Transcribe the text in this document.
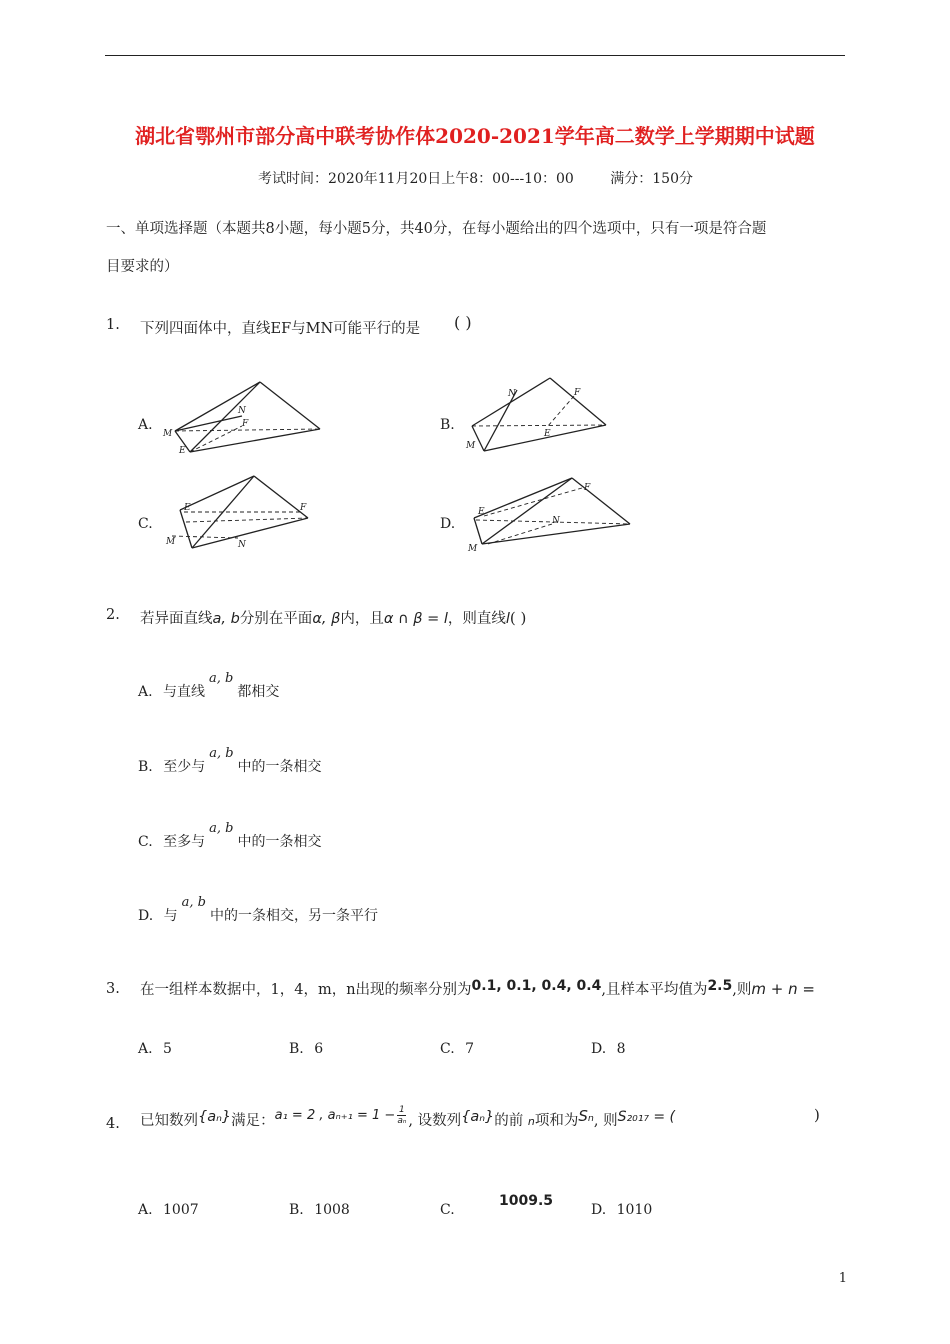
湖北省鄂州市部分高中联考协作体2020-2021学年高二数学上学期期中试题
考试时间：2020年11月20日上午8：00---10：00	满分：150分
一、单项选择题（本题共8小题，每小题5分，共40分，在每小题给出的四个选项中，只有一项是符合题
目要求的）
1. 下列四面体中，直线EF与MN可能平行的是 ( )
A.
M
N
F
E
B.
N	F
E
M
C.
E	F
M	N
D.
E
F
N
M
2. 若异面直线a, b分别在平面α, β内，且α ∩ β = l，则直线l( )
A. 与直线a, b都相交
B. 至少与a, b中的一条相交
C. 至多与a, b中的一条相交
D. 与a, b中的一条相交，另一条平行
3. 在一组样本数据中，1，4，m，n出现的频率分别为0.1, 0.1, 0.4, 0.4,且样本平均值为2.5,则m + n =
A. 5	B. 6	C. 7	D. 8
4. 已知数列{aₙ}满足：a₁ = 2 , $a_{n+1} = 1 - \frac{1}{\text{aₙ}}$ , 设数列{aₙ}的前 n项和为Sₙ, 则S₂₀₁₇ = (	)
A. 1007	B. 1008	C.
1009.5
D. 1010
1
